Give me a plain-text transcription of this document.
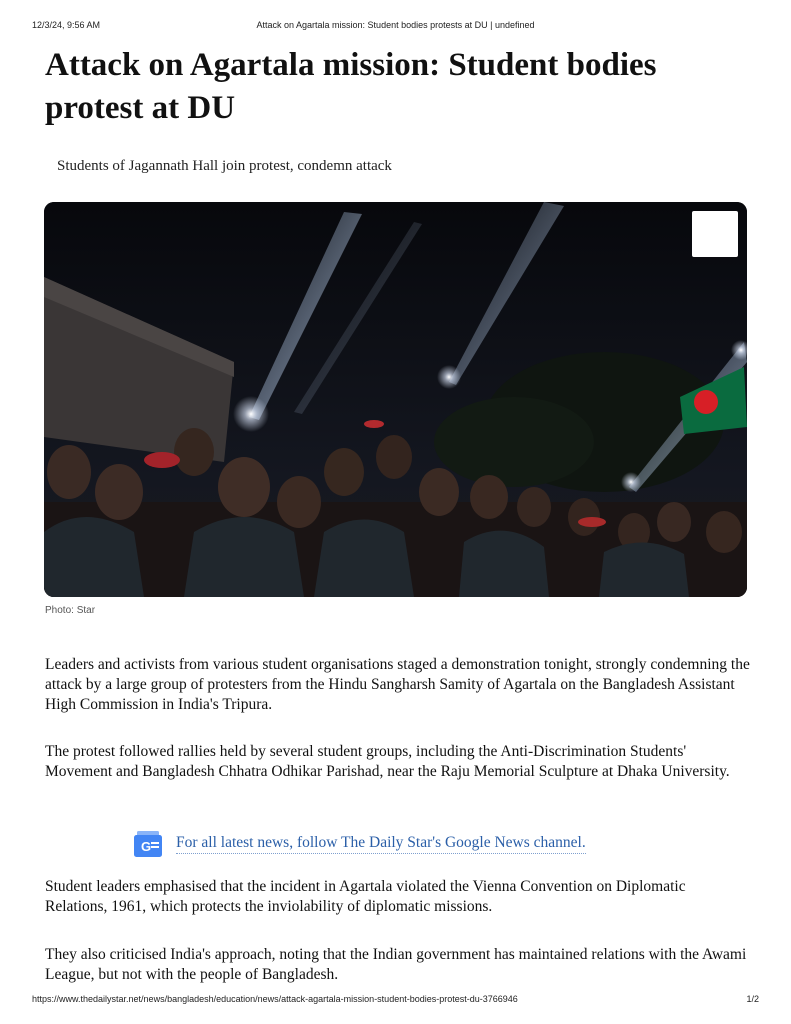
12/3/24, 9:56 AM	Attack on Agartala mission: Student bodies protests at DU | undefined
Attack on Agartala mission: Student bodies protest at DU

Students of Jagannath Hall join protest, condemn attack

Photo: Star

Leaders and activists from various student organisations staged a demonstration tonight, strongly condemning the attack by a large group of protesters from the Hindu Sangharsh Samity of Agartala on the Bangladesh Assistant High Commission in India's Tripura.

The protest followed rallies held by several student groups, including the Anti-Discrimination Students' Movement and Bangladesh Chhatra Odhikar Parishad, near the Raju Memorial Sculpture at Dhaka University.

G For all latest news, follow The Daily Star's Google News channel.

Student leaders emphasised that the incident in Agartala violated the Vienna Convention on Diplomatic Relations, 1961, which protects the inviolability of diplomatic missions.

They also criticised India's approach, noting that the Indian government has maintained relations with the Awami League, but not with the people of Bangladesh.

https://www.thedailystar.net/news/bangladesh/education/news/attack-agartala-mission-student-bodies-protest-du-3766946	1/2
